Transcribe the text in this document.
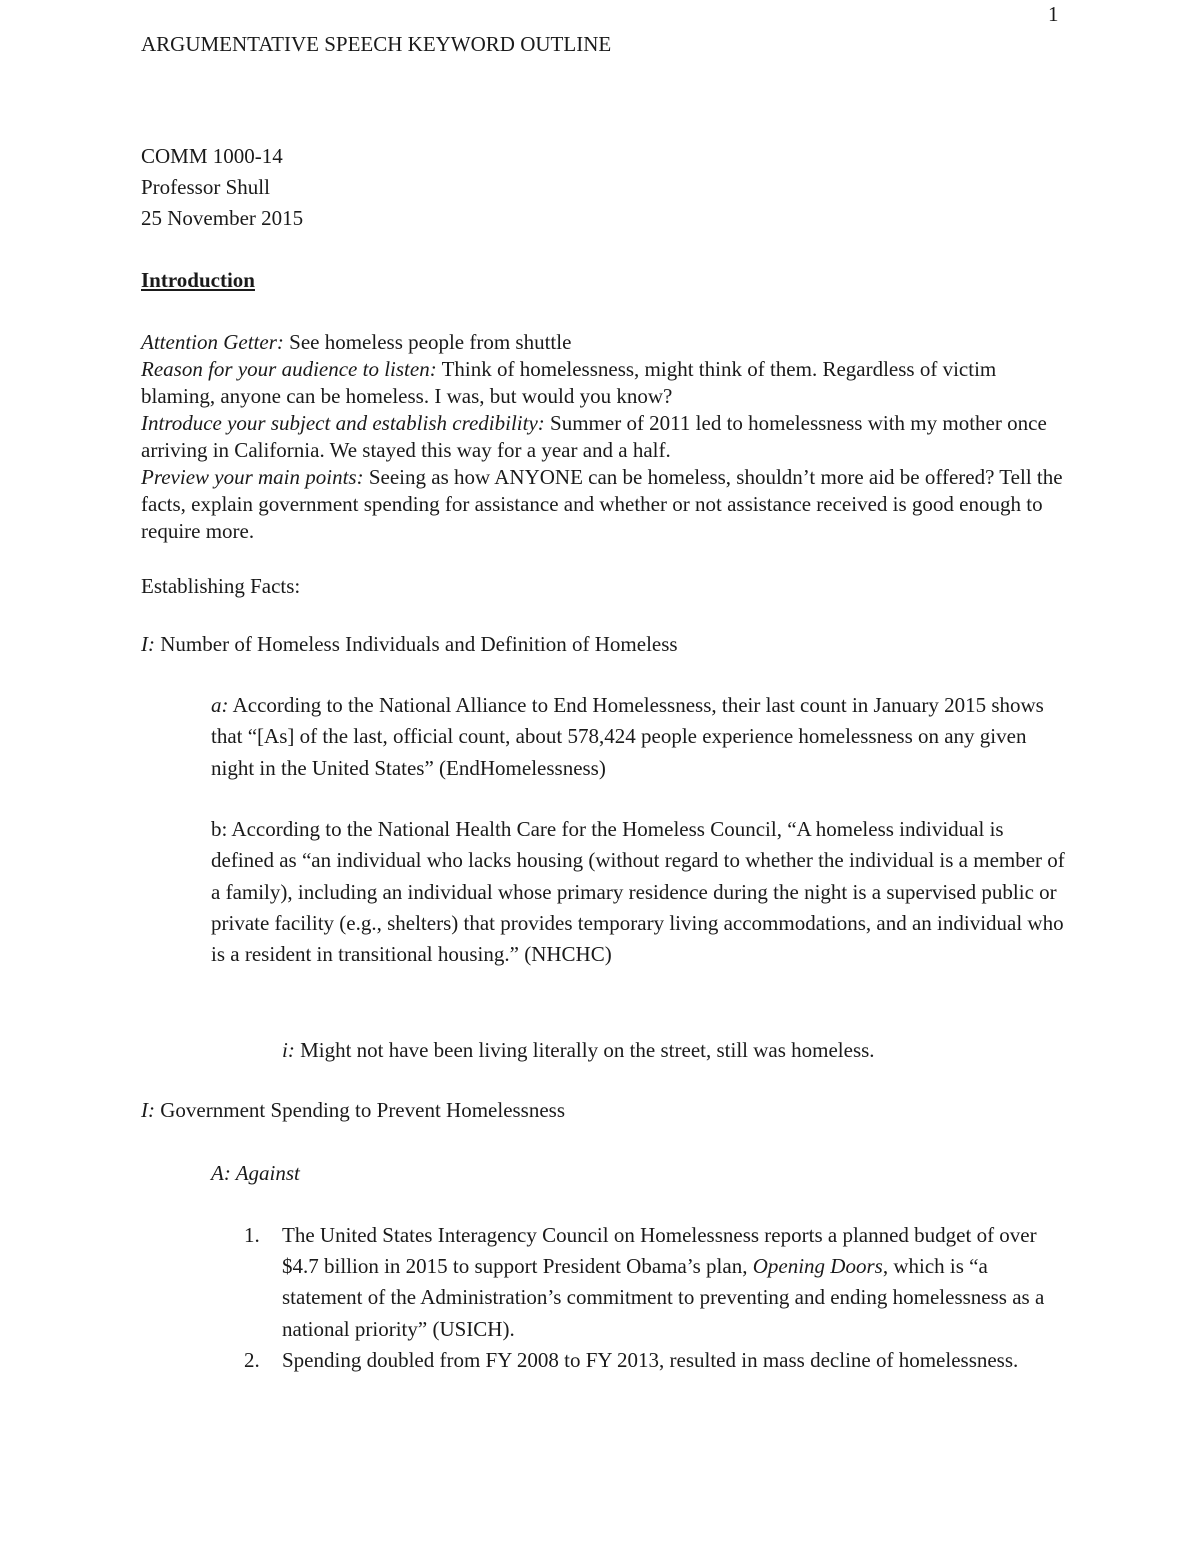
1
ARGUMENTATIVE SPEECH KEYWORD OUTLINE
COMM 1000-14
Professor Shull
25 November 2015
Introduction
Attention Getter: See homeless people from shuttle
Reason for your audience to listen: Think of homelessness, might think of them. Regardless of victim blaming, anyone can be homeless. I was, but would you know?
Introduce your subject and establish credibility: Summer of 2011 led to homelessness with my mother once arriving in California. We stayed this way for a year and a half.
Preview your main points: Seeing as how ANYONE can be homeless, shouldn’t more aid be offered? Tell the facts, explain government spending for assistance and whether or not assistance received is good enough to require more.
Establishing Facts:
I: Number of Homeless Individuals and Definition of Homeless
a: According to the National Alliance to End Homelessness, their last count in January 2015 shows that “[As] of the last, official count, about 578,424 people experience homelessness on any given night in the United States” (EndHomelessness)
b: According to the National Health Care for the Homeless Council, “A homeless individual is defined as “an individual who lacks housing (without regard to whether the individual is a member of a family), including an individual whose primary residence during the night is a supervised public or private facility (e.g., shelters) that provides temporary living accommodations, and an individual who is a resident in transitional housing.” (NHCHC)
i: Might not have been living literally on the street, still was homeless.
I: Government Spending to Prevent Homelessness
A: Against
1. The United States Interagency Council on Homelessness reports a planned budget of over $4.7 billion in 2015 to support President Obama’s plan, Opening Doors, which is “a statement of the Administration’s commitment to preventing and ending homelessness as a national priority” (USICH).
2. Spending doubled from FY 2008 to FY 2013, resulted in mass decline of homelessness.
